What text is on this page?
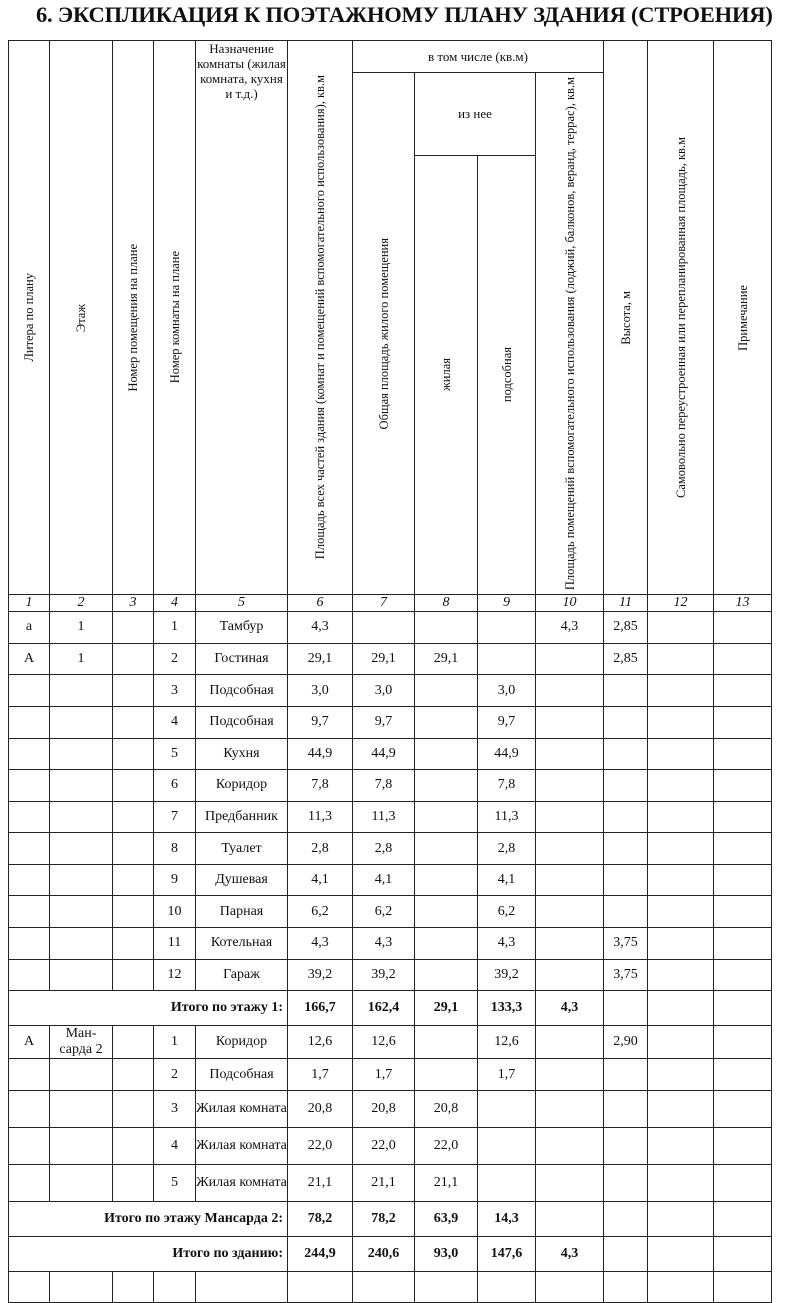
6. ЭКСПЛИКАЦИЯ К ПОЭТАЖНОМУ ПЛАНУ ЗДАНИЯ (СТРОЕНИЯ)
Литера по плану	Этаж	Номер помещения на плане	Номер комнаты на плане	Назначение комнаты (жилая комната, кухня и т.д.)	Площадь всех частей здания (комнат и помещений вспомогательного использования), кв.м	в том числе (кв.м)				Высота, м	Самовольно переустроенная или перепланированная площадь, кв.м	Примечание

						Общая площадь жилого помещения	из нее		Площадь помещений вспомогательного использования (лоджий, балконов, веранд, террас), кв.м			

							жилая	подсобная				

1	2	3	4	5	6	7	8	9	10	11	12	13
а	1		1	Тамбур	4,3				4,3	2,85		
А	1		2	Гостиная	29,1	29,1	29,1			2,85		
			3	Подсобная	3,0	3,0		3,0				
			4	Подсобная	9,7	9,7		9,7				
			5	Кухня	44,9	44,9		44,9				
			6	Коридор	7,8	7,8		7,8				
			7	Предбанник	11,3	11,3		11,3				
			8	Туалет	2,8	2,8		2,8				
			9	Душевая	4,1	4,1		4,1				
			10	Парная	6,2	6,2		6,2				
			11	Котельная	4,3	4,3		4,3		3,75		
			12	Гараж	39,2	39,2		39,2		3,75		
Итого по этажу 1:					166,7	162,4	29,1	133,3	4,3			
А	Ман-сарда 2		1	Коридор	12,6	12,6		12,6		2,90		
			2	Подсобная	1,7	1,7		1,7				
			3	Жилая комната	20,8	20,8	20,8					
			4	Жилая комната	22,0	22,0	22,0					
			5	Жилая комната	21,1	21,1	21,1					
Итого по этажу Мансарда 2:					78,2	78,2	63,9	14,3				
Итого по зданию:					244,9	240,6	93,0	147,6	4,3			
